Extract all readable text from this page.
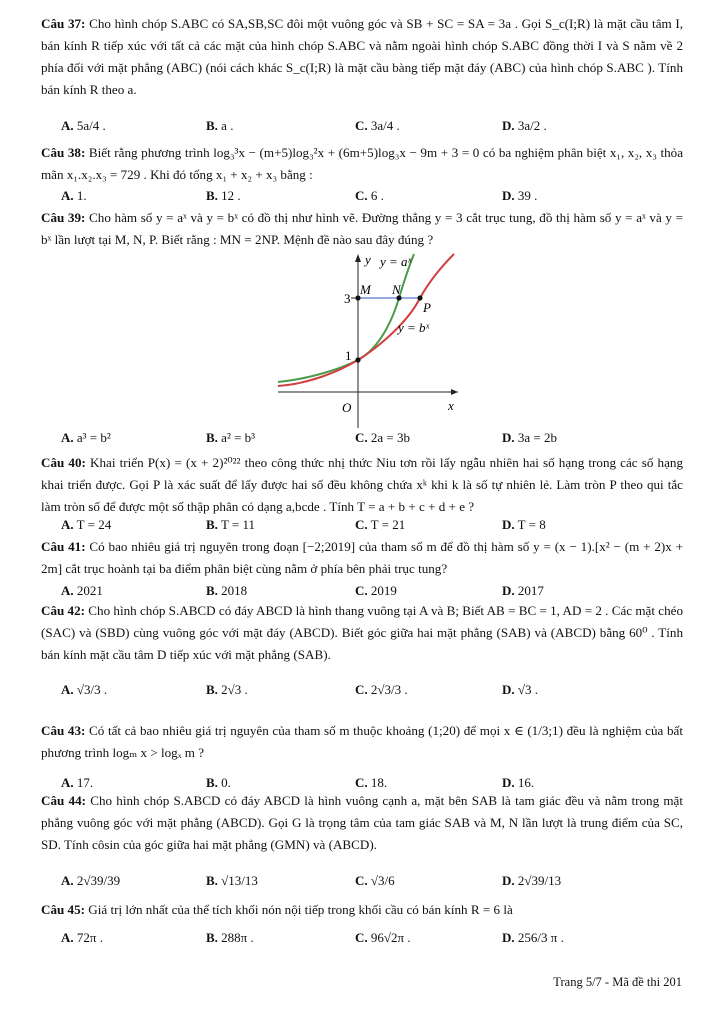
Câu 37: Cho hình chóp S.ABC có SA,SB,SC đôi một vuông góc và SB + SC = SA = 3a . Gọi S_c(I;R) là mặt cầu tâm I, bán kính R tiếp xúc với tất cả các mặt của hình chóp S.ABC và nằm ngoài hình chóp S.ABC đồng thời I và S nằm về 2 phía đối với mặt phẳng (ABC) (nói cách khác S_c(I;R) là mặt cầu bàng tiếp mặt đáy (ABC) của hình chóp S.ABC ). Tính bán kính R theo a.
A. 5a/4 .	B. a .	C. 3a/4 .	D. 3a/2 .
Câu 38: Biết rằng phương trình log₃³x − (m+5)log₃²x + (6m+5)log₃x − 9m + 3 = 0 có ba nghiệm phân biệt x₁, x₂, x₃ thỏa mãn x₁.x₂.x₃ = 729 . Khi đó tổng x₁ + x₂ + x₃ bằng :
A. 1.	B. 12 .	C. 6 .	D. 39 .
Câu 39: Cho hàm số y = aˣ và y = bˣ có đồ thị như hình vẽ. Đường thẳng y = 3 cắt trục tung, đồ thị hàm số y = aˣ và y = bˣ lần lượt tại M, N, P. Biết rằng : MN = 2NP. Mệnh đề nào sau đây đúng ?
y y = aˣ
3
M N
P
y = bˣ
1
O	x
A. a³ = b²	B. a² = b³	C. 2a = 3b	D. 3a = 2b
Câu 40: Khai triển P(x) = (x + 2)²⁰²² theo công thức nhị thức Niu tơn rồi lấy ngẫu nhiên hai số hạng trong các số hạng khai triển được. Gọi P là xác suất để lấy được hai số đều không chứa xᵏ khi k là số tự nhiên lẻ. Làm tròn P theo qui tắc làm tròn số để được một số thập phân có dạng a,bcde . Tính T = a + b + c + d + e ?
A. T = 24	B. T = 11	C. T = 21	D. T = 8
Câu 41: Có bao nhiêu giá trị nguyên trong đoạn [−2;2019] của tham số m để đồ thị hàm số y = (x − 1).[x² − (m + 2)x + 2m] cắt trục hoành tại ba điểm phân biệt cùng nằm ở phía bên phải trục tung?
A. 2021	B. 2018	C. 2019	D. 2017
Câu 42: Cho hình chóp S.ABCD có đáy ABCD là hình thang vuông tại A và B; Biết AB = BC = 1, AD = 2 . Các mặt chéo (SAC) và (SBD) cùng vuông góc với mặt đáy (ABCD). Biết góc giữa hai mặt phẳng (SAB) và (ABCD) bằng 60⁰ . Tính bán kính mặt cầu tâm D tiếp xúc với mặt phẳng (SAB).
A. √3/3 .	B. 2√3 .	C. 2√3/3 .	D. √3 .
Câu 43: Có tất cả bao nhiêu giá trị nguyên của tham số m thuộc khoảng (1;20) để mọi x ∈ (1/3;1) đều là nghiệm của bất phương trình logₘ x > logₓ m ?
A. 17.	B. 0.	C. 18.	D. 16.
Câu 44: Cho hình chóp S.ABCD có đáy ABCD là hình vuông cạnh a, mặt bên SAB là tam giác đều và nằm trong mặt phẳng vuông góc với mặt phẳng (ABCD). Gọi G là trọng tâm của tam giác SAB và M, N lần lượt là trung điểm của SC, SD. Tính côsin của góc giữa hai mặt phẳng (GMN) và (ABCD).
A. 2√39/39	B. √13/13	C. √3/6	D. 2√39/13
Câu 45: Giá trị lớn nhất của thể tích khối nón nội tiếp trong khối cầu có bán kính R = 6 là
A. 72π .	B. 288π .	C. 96√2π .	D. 256/3 π .
Trang 5/7 - Mã đề thi 201
